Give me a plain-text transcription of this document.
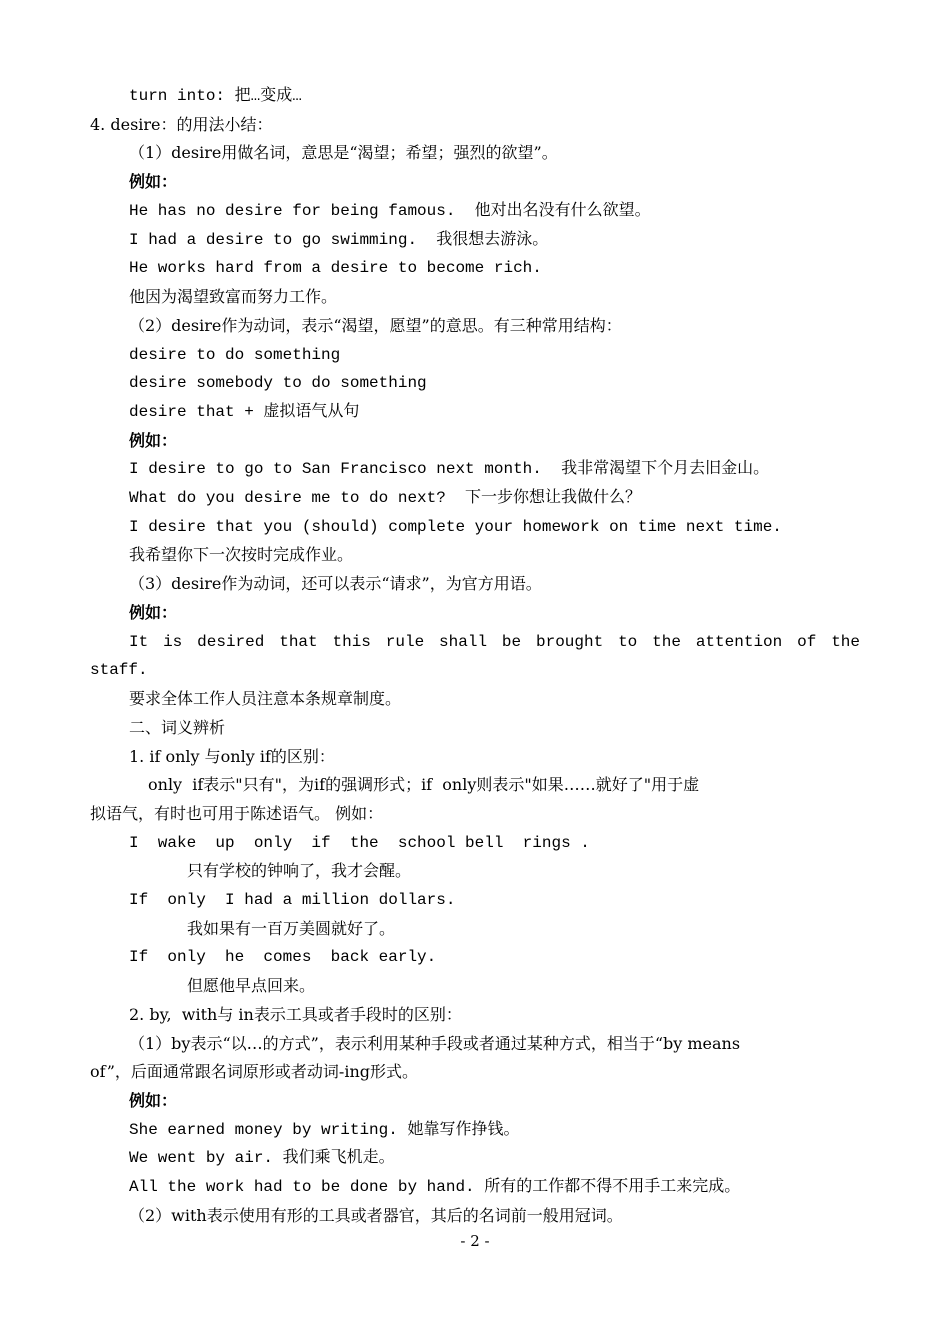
turn into: 把…变成…
4. desire：的用法小结：
（1）desire用做名词，意思是“渴望；希望；强烈的欲望”。
例如：
He has no desire for being famous.  他对出名没有什么欲望。
I had a desire to go swimming.  我很想去游泳。
He works hard from a desire to become rich.
他因为渴望致富而努力工作。
（2）desire作为动词，表示“渴望，愿望”的意思。有三种常用结构：
desire to do something
desire somebody to do something
desire that + 虚拟语气从句
例如：
I desire to go to San Francisco next month.  我非常渴望下个月去旧金山。
What do you desire me to do next?  下一步你想让我做什么？
I desire that you (should) complete your homework on time next time.
我希望你下一次按时完成作业。
（3）desire作为动词，还可以表示“请求”，为官方用语。
例如：
It is desired that this rule shall be brought to the attention of the
staff.
要求全体工作人员注意本条规章制度。
二、词义辨析
1. if only 与only if的区别：
only  if表示"只有"，为if的强调形式；if  only则表示"如果……就好了"用于虚
拟语气，有时也可用于陈述语气。 例如：
I  wake  up  only  if  the  school bell  rings .
只有学校的钟响了，我才会醒。
If  only  I had a million dollars.
我如果有一百万美圆就好了。
If  only  he  comes  back early.
但愿他早点回来。
2. by,  with与 in表示工具或者手段时的区别：
（1）by表示“以…的方式”，表示利用某种手段或者通过某种方式，相当于“by means
of”，后面通常跟名词原形或者动词-ing形式。
例如：
She earned money by writing. 她靠写作挣钱。
We went by air. 我们乘飞机走。
All the work had to be done by hand. 所有的工作都不得不用手工来完成。
（2）with表示使用有形的工具或者器官，其后的名词前一般用冠词。
- 2 -
